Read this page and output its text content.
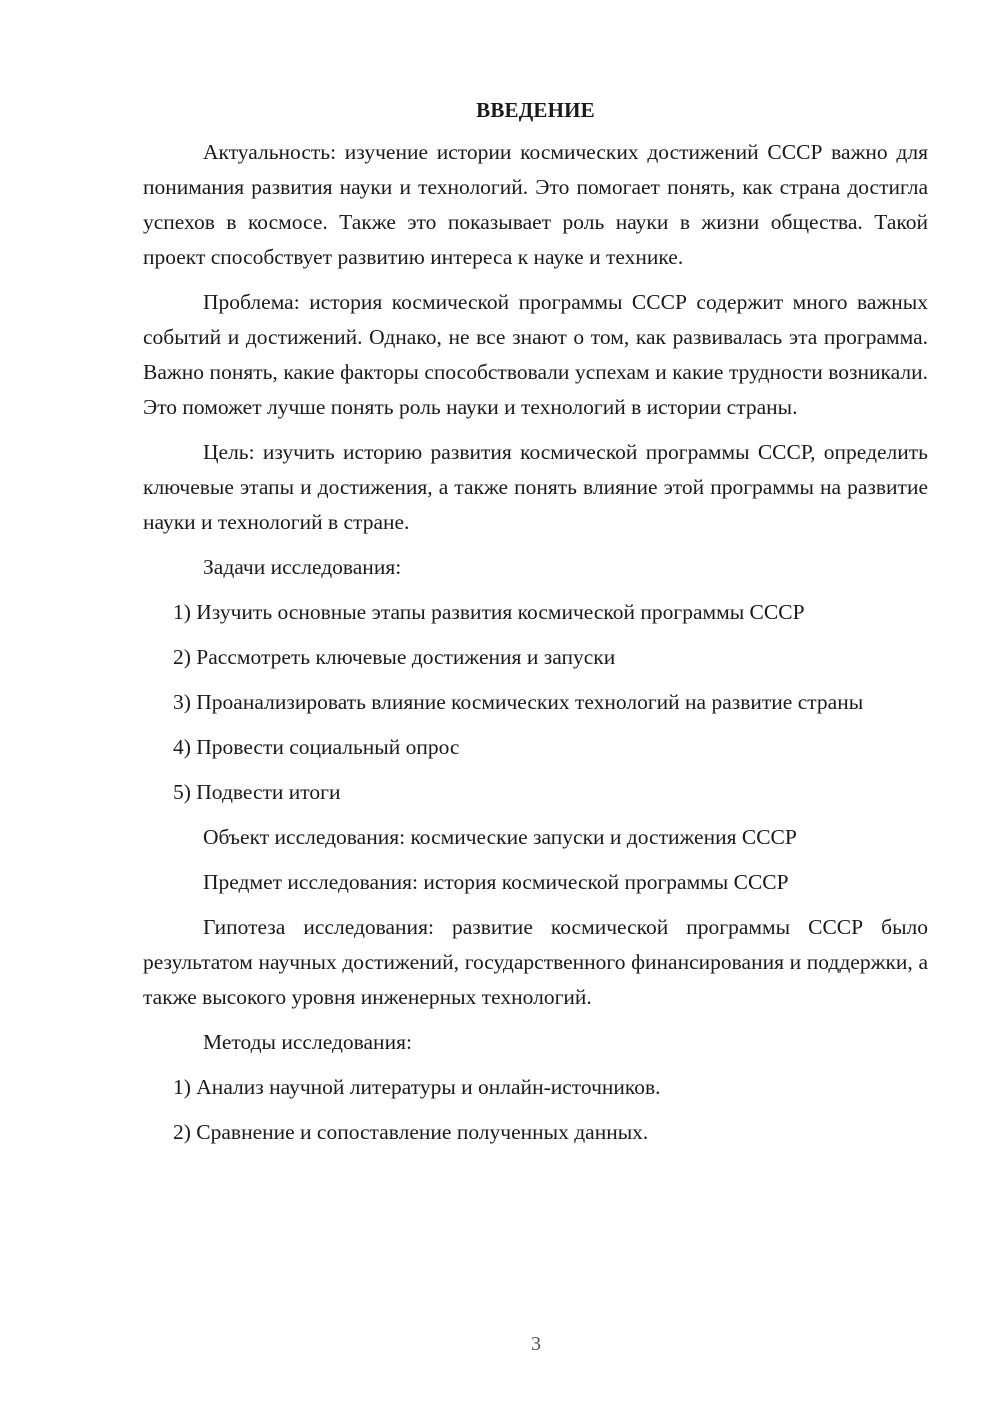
ВВЕДЕНИЕ
Актуальность: изучение истории космических достижений СССР важно для понимания развития науки и технологий. Это помогает понять, как страна достигла успехов в космосе. Также это показывает роль науки в жизни общества. Такой проект способствует развитию интереса к науке и технике.
Проблема: история космической программы СССР содержит много важных событий и достижений. Однако, не все знают о том, как развивалась эта программа. Важно понять, какие факторы способствовали успехам и какие трудности возникали. Это поможет лучше понять роль науки и технологий в истории страны.
Цель: изучить историю развития космической программы СССР, определить ключевые этапы и достижения, а также понять влияние этой программы на развитие науки и технологий в стране.
Задачи исследования:
1) Изучить основные этапы развития космической программы СССР
2) Рассмотреть ключевые достижения и запуски
3) Проанализировать влияние космических технологий на развитие страны
4) Провести социальный опрос
5) Подвести итоги
Объект исследования: космические запуски и достижения СССР
Предмет исследования: история космической программы СССР
Гипотеза исследования: развитие космической программы СССР было результатом научных достижений, государственного финансирования и поддержки, а также высокого уровня инженерных технологий.
Методы исследования:
1) Анализ научной литературы и онлайн-источников.
2) Сравнение и сопоставление полученных данных.
3
